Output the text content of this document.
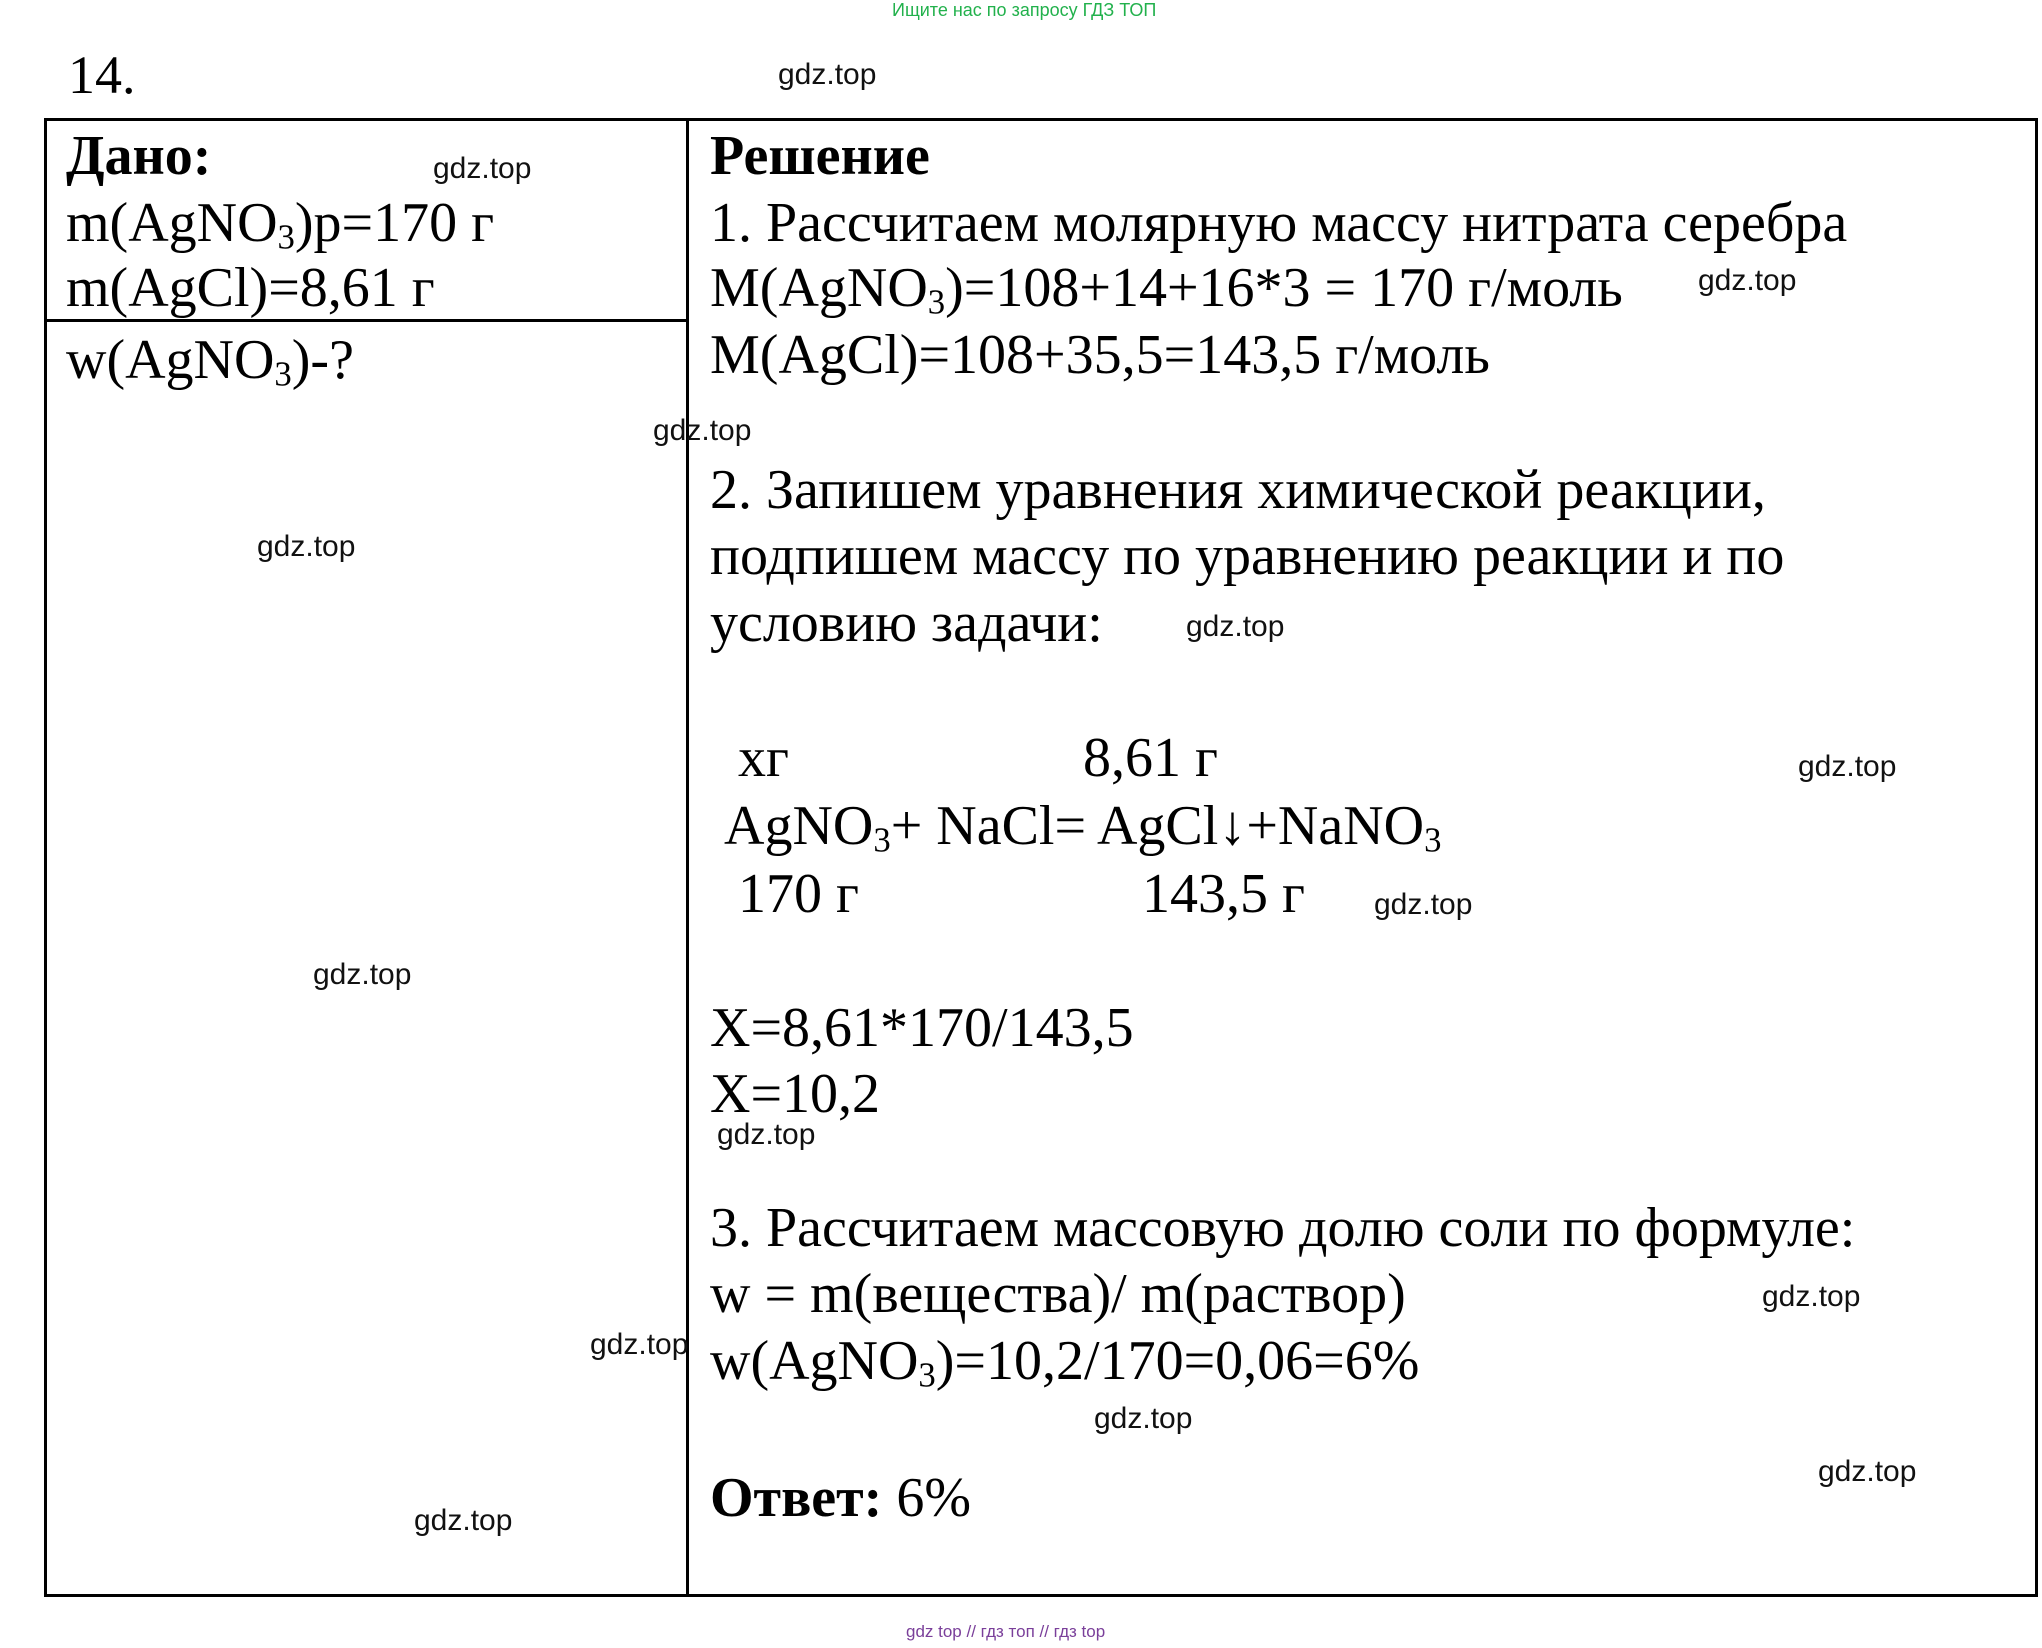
Ищите нас по запросу ГДЗ ТОП
14.
Дано:
m(AgNO$_3$)р=170 г
m(AgCl)=8,61 г
w(AgNO$_3$)-?
Решение
1. Рассчитаем молярную массу нитрата серебра
M(AgNO$_3$)=108+14+16*3 = 170 г/моль
M(AgCl)=108+35,5=143,5 г/моль
2. Запишем уравнения химической реакции,
подпишем массу по уравнению реакции и по
условию задачи:
хг	8,61 г
AgNO$_3$+ NaCl= AgCl↓+NaNO$_3$
170 г	143,5 г
X=8,61*170/143,5
X=10,2
3. Рассчитаем массовую долю соли по формуле:
w = m(вещества)/ m(раствор)
w(AgNO$_3$)=10,2/170=0,06=6%
Ответ: 6%
gdz.top
gdz.top
gdz.top
gdz.top
gdz.top
gdz.top
gdz.top
gdz.top
gdz.top
gdz.top
gdz.top
gdz.top
gdz.top
gdz.top
gdz.top
gdz top // гдз топ // гдз top
